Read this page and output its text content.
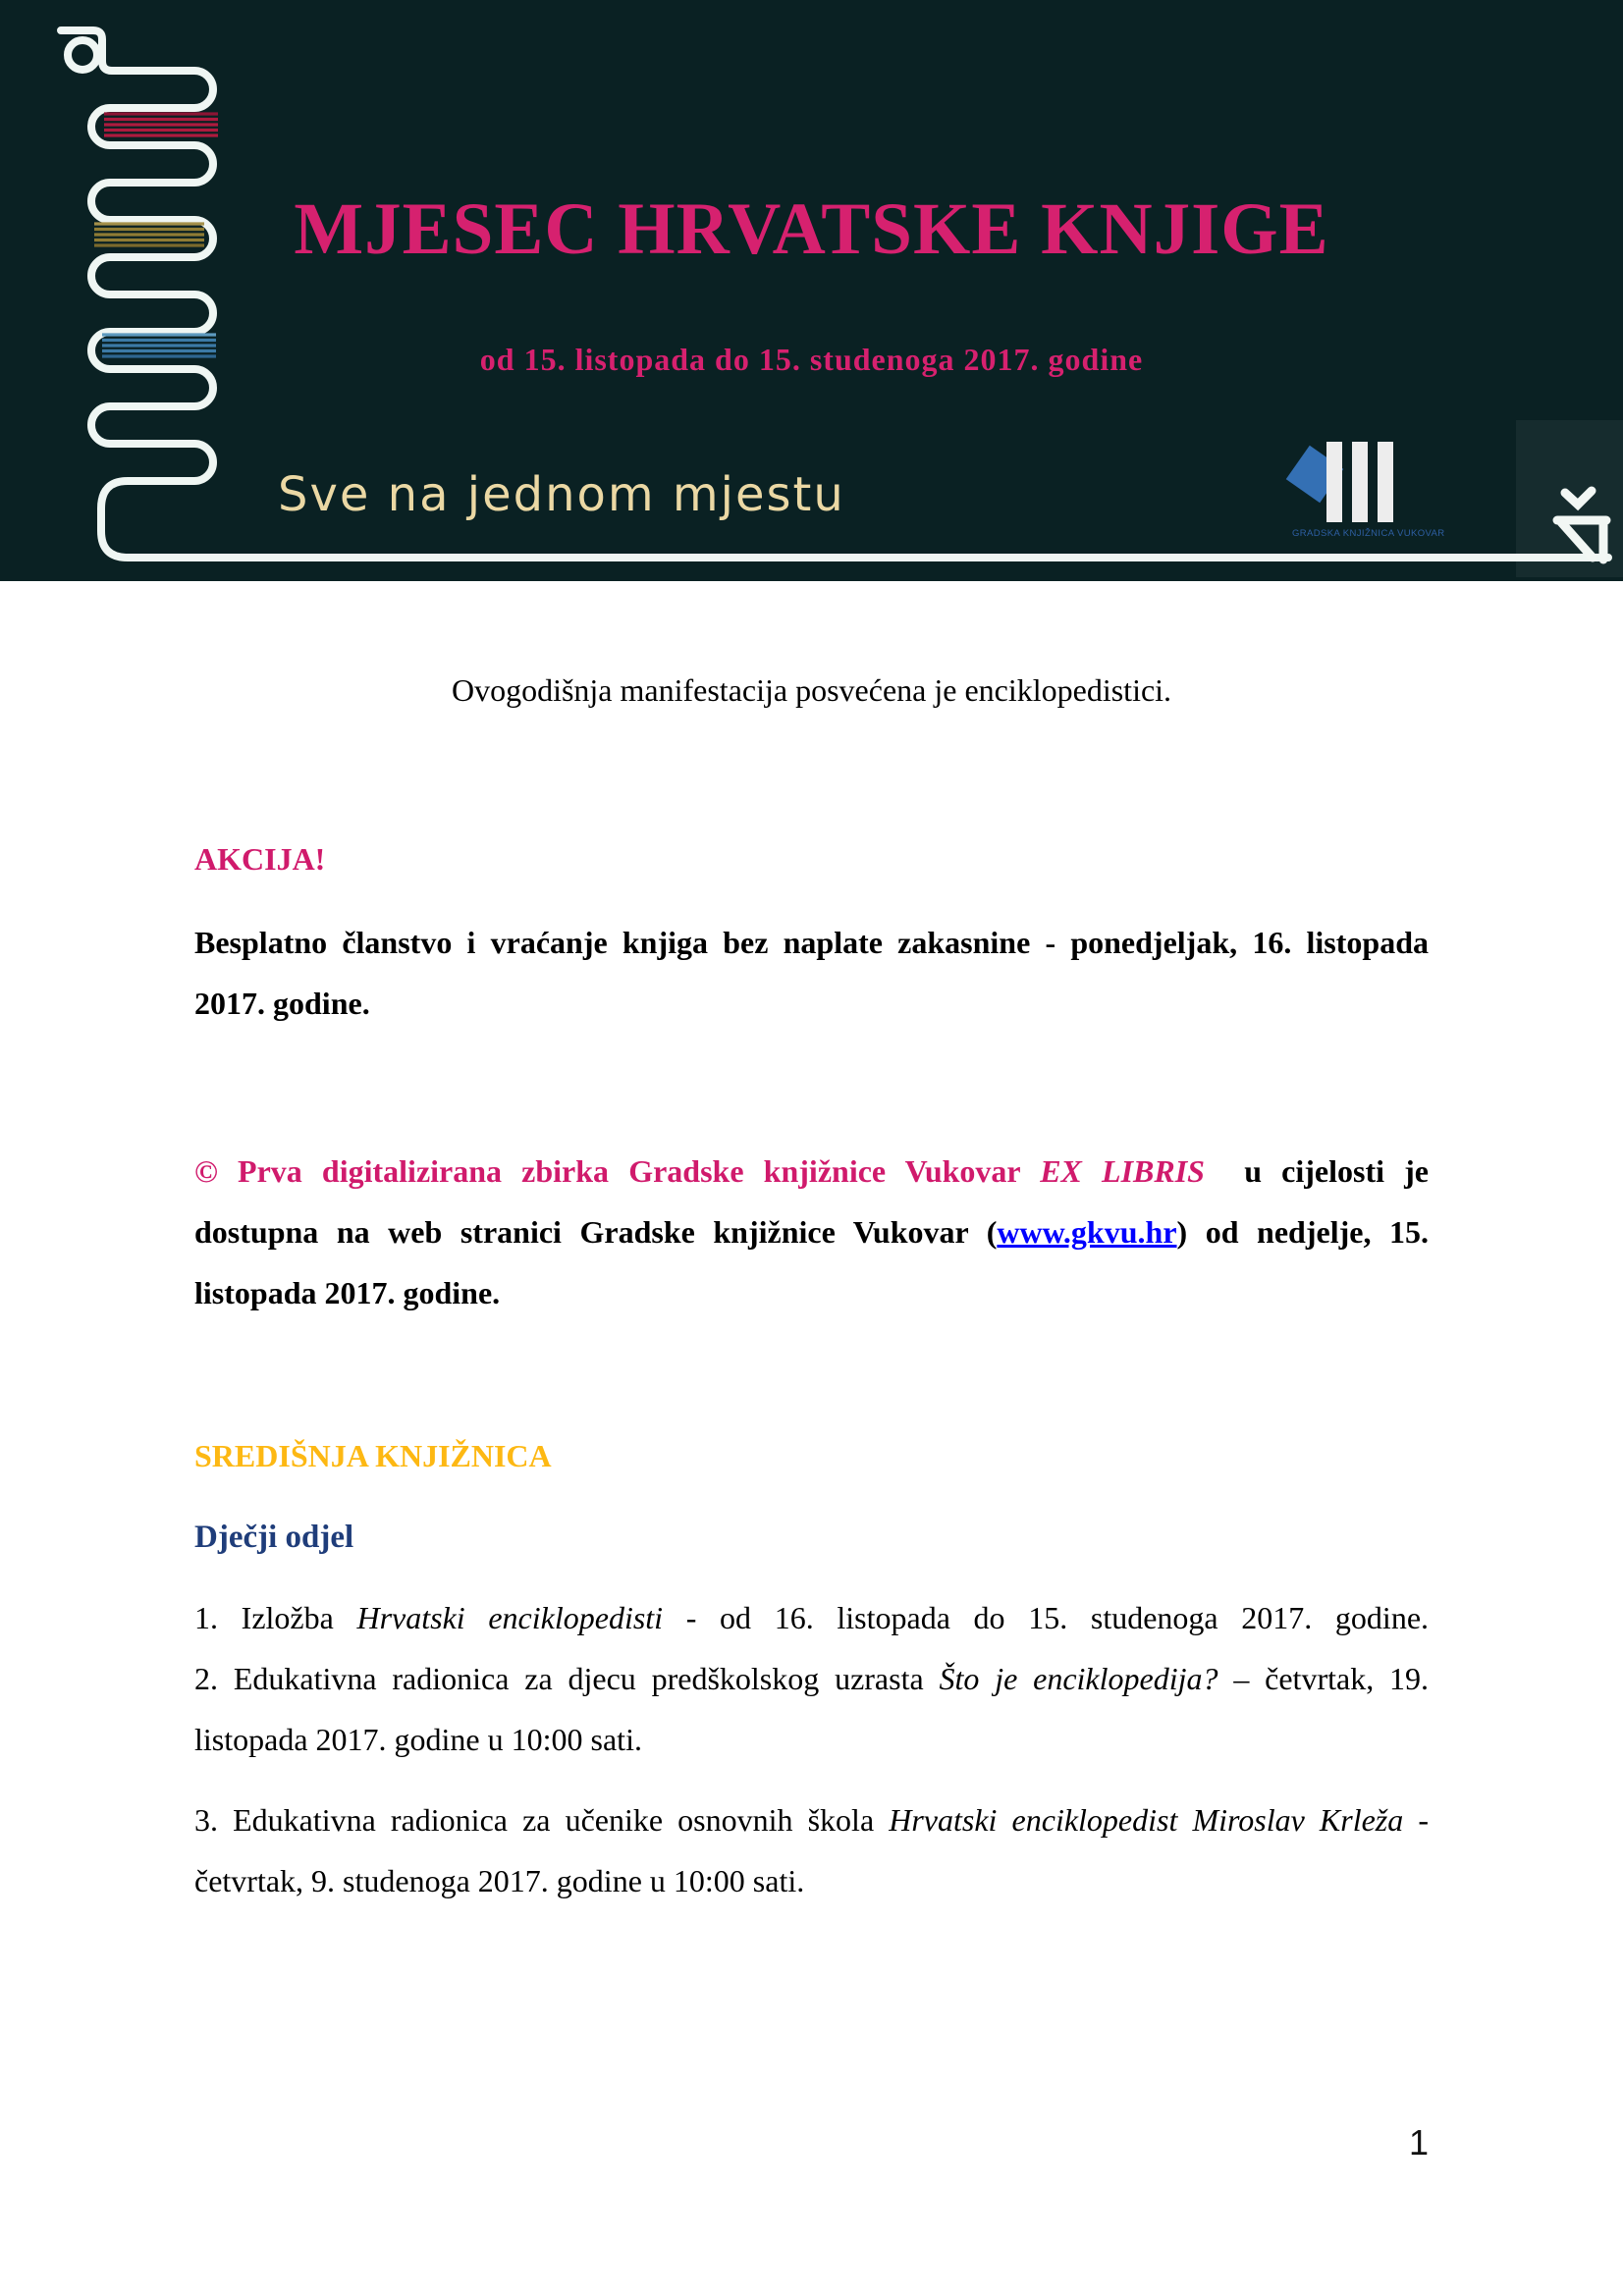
MJESEC HRVATSKE KNJIGE
od 15. listopada do 15. studenoga 2017. godine
Sve na jednom mjestu
GRADSKA KNJIŽNICA VUKOVAR
Ovogodišnja manifestacija posvećena je enciklopedistici.
AKCIJA!
Besplatno članstvo i vraćanje knjiga bez naplate zakasnine - ponedjeljak, 16. listopada
2017. godine.
© Prva digitalizirana zbirka Gradske knjižnice Vukovar EX LIBRIS  u cijelosti je
dostupna na web stranici Gradske knjižnice Vukovar (www.gkvu.hr) od nedjelje, 15.
listopada 2017. godine.
SREDIŠNJA KNJIŽNICA
Dječji odjel
1. Izložba Hrvatski enciklopedisti - od 16. listopada do 15. studenoga 2017. godine.
2. Edukativna radionica za djecu predškolskog uzrasta Što je enciklopedija? – četvrtak, 19.
listopada 2017. godine u 10:00 sati.
3. Edukativna radionica za učenike osnovnih škola Hrvatski enciklopedist Miroslav Krleža -
četvrtak, 9. studenoga 2017. godine u 10:00 sati.
1
